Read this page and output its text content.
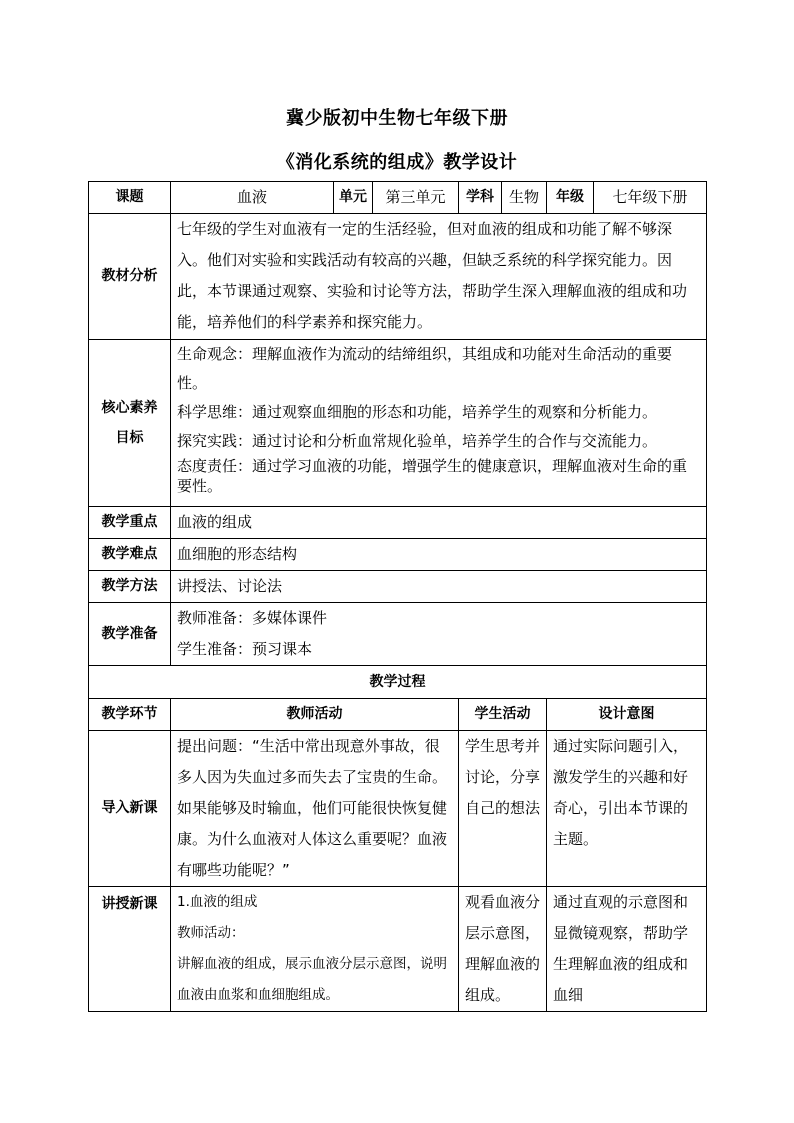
冀少版初中生物七年级下册
《消化系统的组成》教学设计
课题	血液	单元	第三单元	学科	生物	年级	七年级下册
教材分析	七年级的学生对血液有一定的生活经验，但对血液的组成和功能了解不够深入。他们对实验和实践活动有较高的兴趣，但缺乏系统的科学探究能力。因此，本节课通过观察、实验和讨论等方法，帮助学生深入理解血液的组成和功能，培养他们的科学素养和探究能力。						

核心素养
目标	生命观念：理解血液作为流动的结缔组织，其组成和功能对生命活动的重要性。
科学思维：通过观察血细胞的形态和功能，培养学生的观察和分析能力。
探究实践：通过讨论和分析血常规化验单，培养学生的合作与交流能力。
态度责任：通过学习血液的功能，增强学生的健康意识，理解血液对生命的重要性。						

教学重点	血液的组成						
教学难点	血细胞的形态结构						
教学方法	讲授法、讨论法						
教学准备	教师准备：多媒体课件
学生准备：预习课本						

教学过程							
教学环节	教师活动			学生活动		设计意图	
导入新课	提出问题：“生活中常出现意外事故，很多人因为失血过多而失去了宝贵的生命。如果能够及时输血，他们可能很快恢复健康。为什么血液对人体这么重要呢？血液有哪些功能呢？”			学生思考并讨论，分享自己的想法		通过实际问题引入，激发学生的兴趣和好奇心，引出本节课的主题。	
讲授新课	1.血液的组成
教师活动：
讲解血液的组成，展示血液分层示意图，说明血液由血浆和血细胞组成。			观看血液分层示意图，理解血液的组成。		通过直观的示意图和显微镜观察，帮助学生理解血液的组成和血细	
